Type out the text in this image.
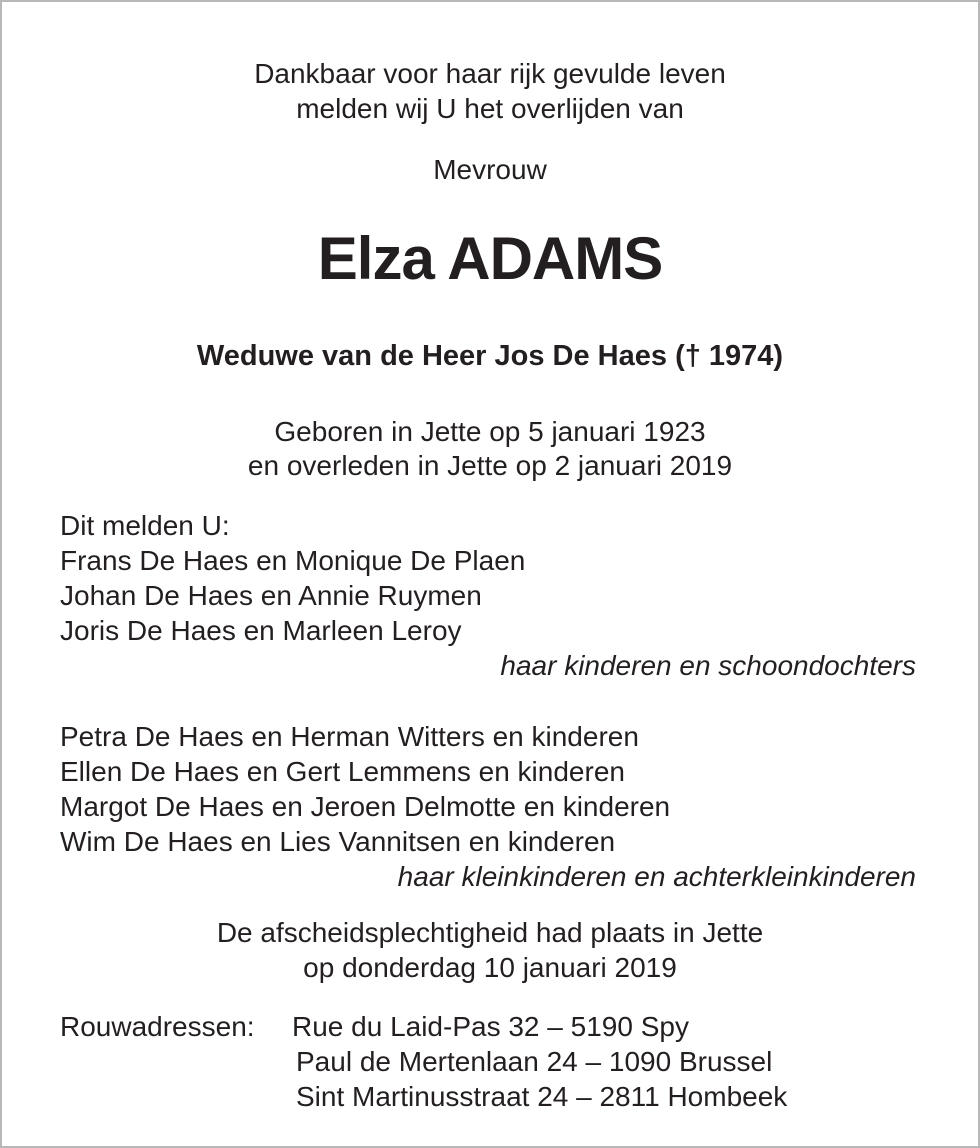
Dankbaar voor haar rijk gevulde leven
melden wij U het overlijden van
Mevrouw
Elza ADAMS
Weduwe van de Heer Jos De Haes († 1974)
Geboren in Jette op 5 januari 1923
en overleden in Jette op 2 januari 2019
Dit melden U:
Frans De Haes en Monique De Plaen
Johan De Haes en Annie Ruymen
Joris De Haes en Marleen Leroy
haar kinderen en schoondochters
Petra De Haes en Herman Witters en kinderen
Ellen De Haes en Gert Lemmens en kinderen
Margot De Haes en Jeroen Delmotte en kinderen
Wim De Haes en Lies Vannitsen en kinderen
haar kleinkinderen en achterkleinkinderen
De afscheidsplechtigheid had plaats in Jette
op donderdag 10 januari 2019
Rouwadressen:	Rue du Laid-Pas 32 – 5190 Spy
Paul de Mertenlaan 24 – 1090 Brussel
Sint Martinusstraat 24 – 2811 Hombeek
